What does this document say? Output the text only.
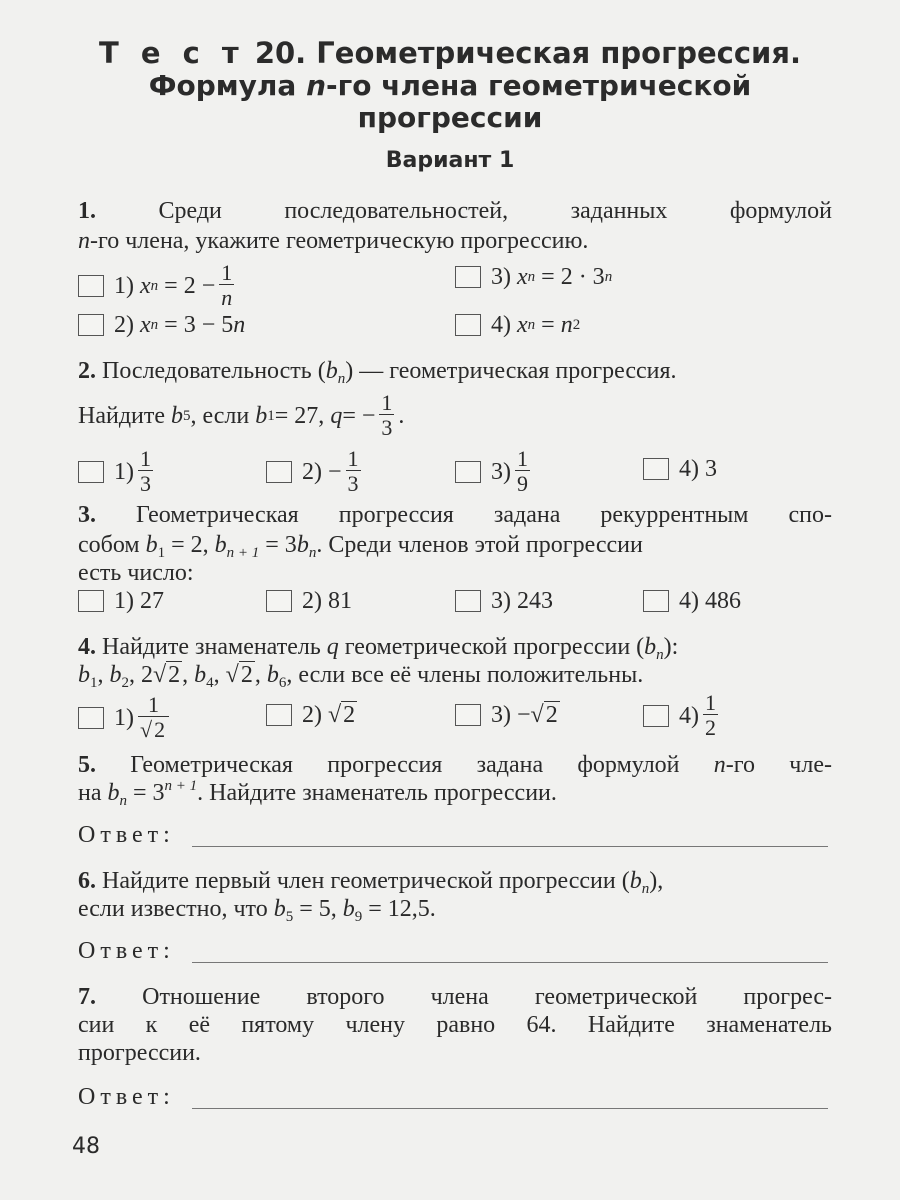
Т е с т 20. Геометрическая прогрессия.
Формула n-го члена геометрической
прогрессии
Вариант 1
1.	Среди последовательностей, заданных формулой
n-го члена, укажите геометрическую прогрессию.
1)
x n
= $2 - \frac{1}{n}$	3)
x n
= 2 · 3 n
2)
x n
= 3 − 5 n	4)
x n
=
n 2
2. Последовательность $(b_n)$ — геометрическая прогрессия.
Найдите
b 5 , если
b 1 = 27,
q = − $\frac{1}{3}$ .
$1) \frac{1}{3}$	$2) - \frac{1}{3}$	$3) \frac{1}{9}$	4) 3
3. Геометрическая прогрессия задана рекуррентным спо-
собом $b_1 = 2$, $b_{n + 1} = 3b_n$. Среди членов этой прогрессии
есть число:
1) 27	2) 81	3) 243	4) 486
4. Найдите знаменатель q геометрической прогрессии $(b_n)$:
$b_1$, $b_2$, 2√2, $b_4$, √2, $b_6$, если все её члены положительны.
$1) \frac{1}{√2}$	2)
√2	3) − √2	$4) \frac{1}{2}$
5. Геометрическая прогрессия задана формулой n-го чле-
на $b_n = 3^{n + 1}$. Найдите знаменатель прогрессии.
Ответ:
6. Найдите первый член геометрической прогрессии $(b_n)$,
если известно, что $b_5 = 5$, $b_9 = 12,5$.
Ответ:
7. Отношение второго члена геометрической прогрес-
сии к её пятому члену равно 64. Найдите знаменатель
прогрессии.
Ответ:
48
